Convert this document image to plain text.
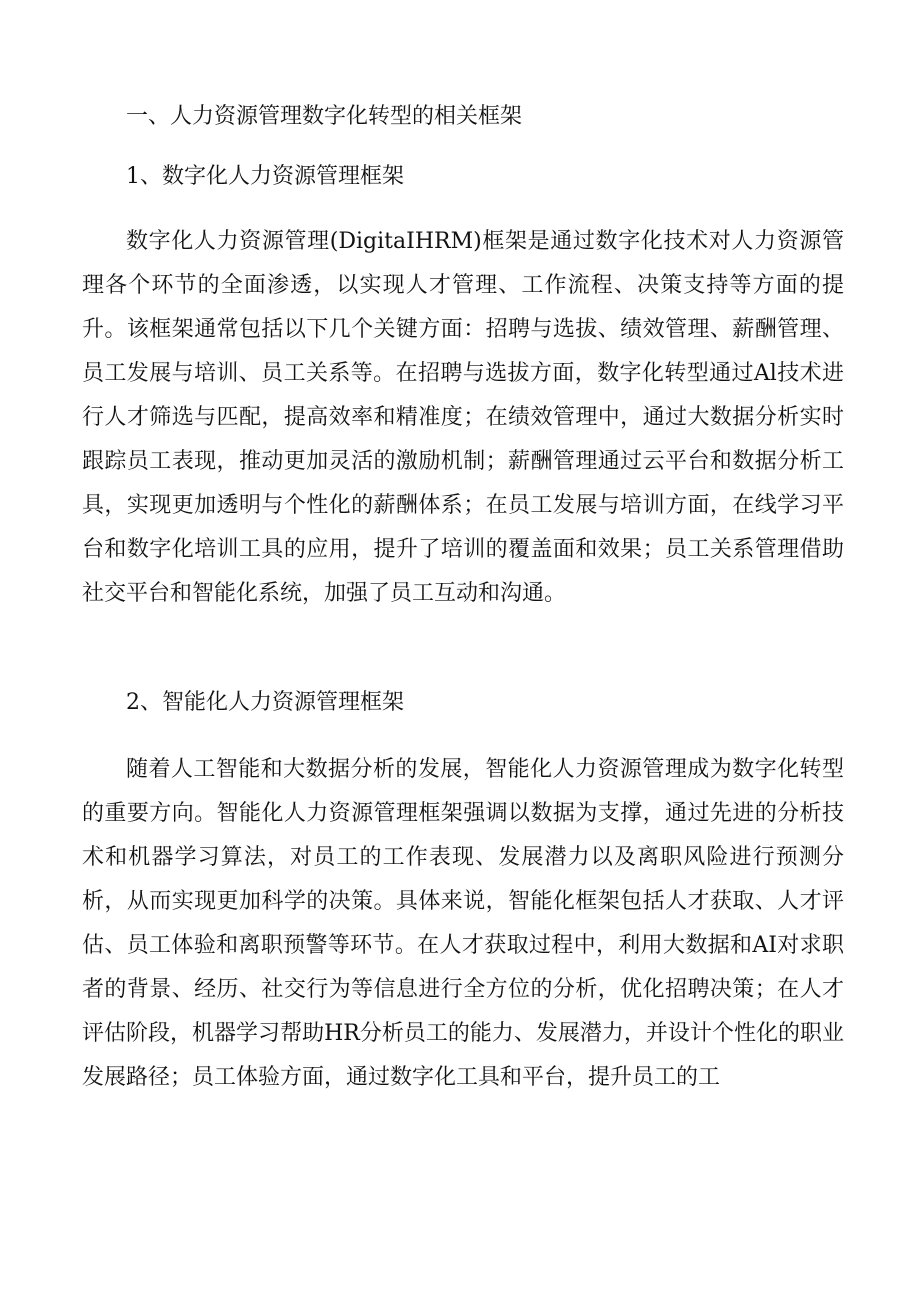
一、人力资源管理数字化转型的相关框架
1、数字化人力资源管理框架
数字化人力资源管理(DigitaIHRM)框架是通过数字化技术对人力资源管理各个环节的全面渗透，以实现人才管理、工作流程、决策支持等方面的提升。该框架通常包括以下几个关键方面：招聘与选拔、绩效管理、薪酬管理、员工发展与培训、员工关系等。在招聘与选拔方面，数字化转型通过Al技术进行人才筛选与匹配，提高效率和精准度；在绩效管理中，通过大数据分析实时跟踪员工表现，推动更加灵活的激励机制；薪酬管理通过云平台和数据分析工具，实现更加透明与个性化的薪酬体系；在员工发展与培训方面，在线学习平台和数字化培训工具的应用，提升了培训的覆盖面和效果；员工关系管理借助社交平台和智能化系统，加强了员工互动和沟通。
2、智能化人力资源管理框架
随着人工智能和大数据分析的发展，智能化人力资源管理成为数字化转型的重要方向。智能化人力资源管理框架强调以数据为支撑，通过先进的分析技术和机器学习算法，对员工的工作表现、发展潜力以及离职风险进行预测分析，从而实现更加科学的决策。具体来说，智能化框架包括人才获取、人才评估、员工体验和离职预警等环节。在人才获取过程中，利用大数据和AI对求职者的背景、经历、社交行为等信息进行全方位的分析，优化招聘决策；在人才评估阶段，机器学习帮助HR分析员工的能力、发展潜力，并设计个性化的职业发展路径；员工体验方面，通过数字化工具和平台，提升员工的工
